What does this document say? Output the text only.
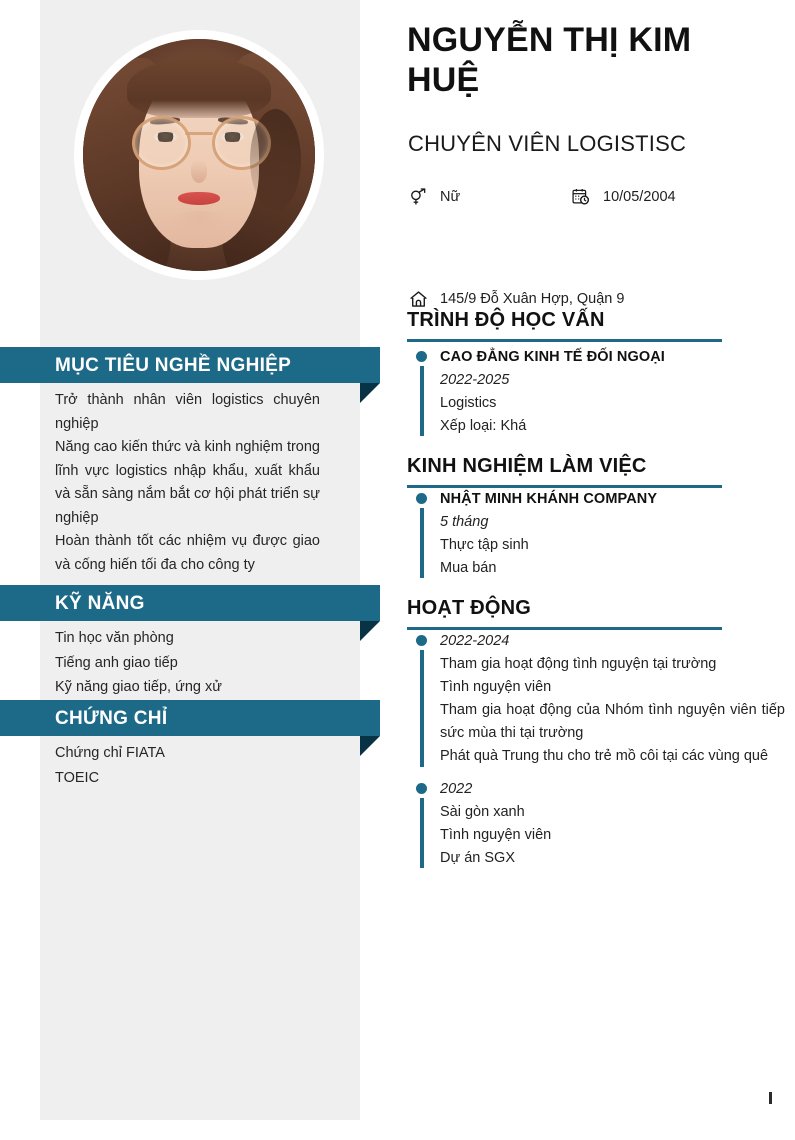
MỤC TIÊU NGHỀ NGHIỆP

Trở thành nhân viên logistics chuyên nghiệp

Năng cao kiến thức và kinh nghiệm trong lĩnh vực logistics nhập khẩu, xuất khẩu và sẵn sàng nắm bắt cơ hội phát triển sự nghiệp

Hoàn thành tốt các nhiệm vụ được giao và cống hiến tối đa cho công ty

KỸ NĂNG
Tin học văn phòng
Tiếng anh giao tiếp
Kỹ năng giao tiếp, ứng xử
CHỨNG CHỈ
Chứng chỉ FIATA
TOEIC
NGUYỄN THỊ KIM HUỆ
CHUYÊN VIÊN LOGISTISC
Nữ	10/05/2004
145/9 Đỗ Xuân Hợp, Quận 9
TRÌNH ĐỘ HỌC VẤN
CAO ĐẲNG KINH TẾ ĐỐI NGOẠI
2022-2025
Logistics
Xếp loại: Khá
KINH NGHIỆM LÀM VIỆC
NHẬT MINH KHÁNH COMPANY
5 tháng
Thực tập sinh
Mua bán
HOẠT ĐỘNG
2022-2024
Tham gia hoạt động tình nguyện tại trường
Tình nguyện viên
Tham gia hoạt động của Nhóm tình nguyện viên tiếp sức mùa thi tại trường
Phát quà Trung thu cho trẻ mồ côi tại các vùng quê
2022
Sài gòn xanh
Tình nguyện viên
Dự án SGX
